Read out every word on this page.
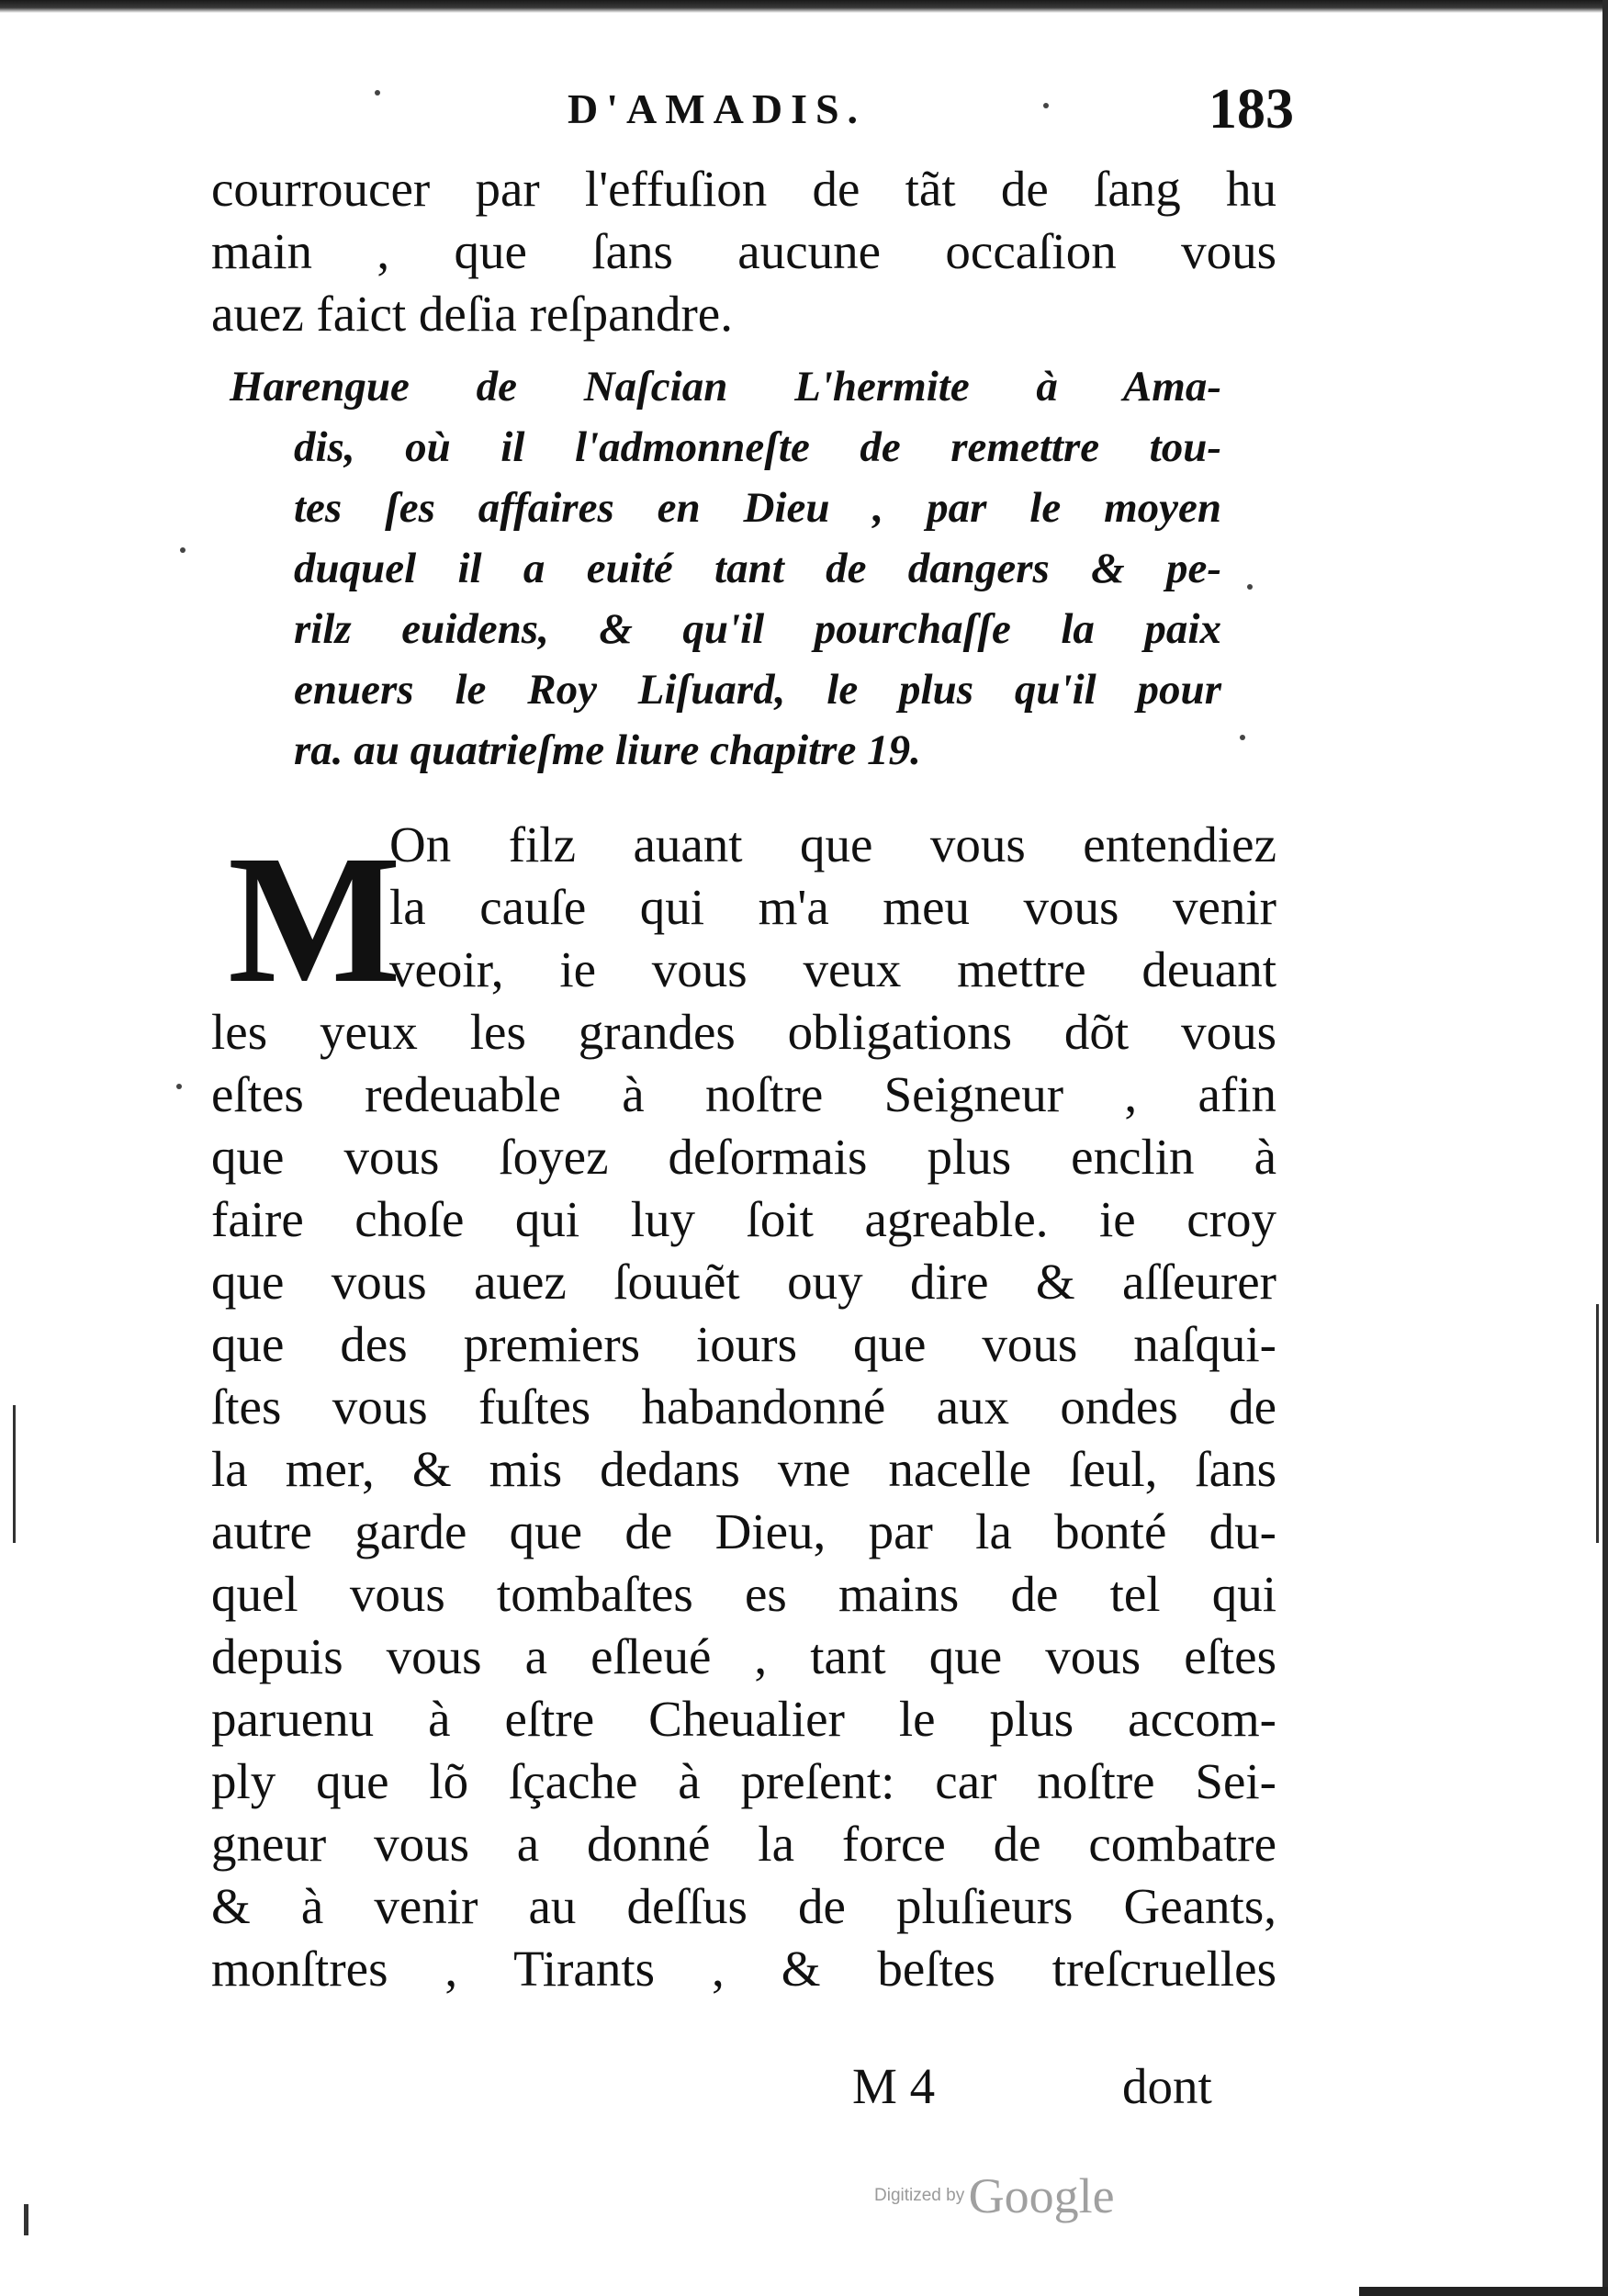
D'AMADIS.	183
courroucer par l'effuſion de tãt de ſang hu
main , que ſans aucune occaſion vous
auez faict deſia reſpandre.
Harengue de Naſcian L'hermite à Ama-
dis, où il l'admonneſte de remettre tou-
tes ſes affaires en Dieu , par le moyen
duquel il a euité tant de dangers & pe-
rilz euidens, & qu'il pourchaſſe la paix
enuers le Roy Liſuard, le plus qu'il pour
ra. au quatrieſme liure chapitre 19.
M
On filz auant que vous entendiez
la cauſe qui m'a meu vous venir
veoir, ie vous veux mettre deuant
les yeux les grandes obligations dõt vous
eſtes redeuable à noſtre Seigneur , afin
que vous ſoyez deſormais plus enclin à
faire choſe qui luy ſoit agreable. ie croy
que vous auez ſouuẽt ouy dire & aſſeurer
que des premiers iours que vous naſqui-
ſtes vous fuſtes habandonné aux ondes de
la mer, & mis dedans vne nacelle ſeul, ſans
autre garde que de Dieu, par la bonté du-
quel vous tombaſtes es mains de tel qui
depuis vous a eſleué , tant que vous eſtes
paruenu à eſtre Cheualier le plus accom-
ply que lõ ſçache à preſent: car noſtre Sei-
gneur vous a donné la force de combatre
& à venir au deſſus de pluſieurs Geants,
monſtres , Tirants , & beſtes treſcruelles
M 4	dont
Digitized by Google
